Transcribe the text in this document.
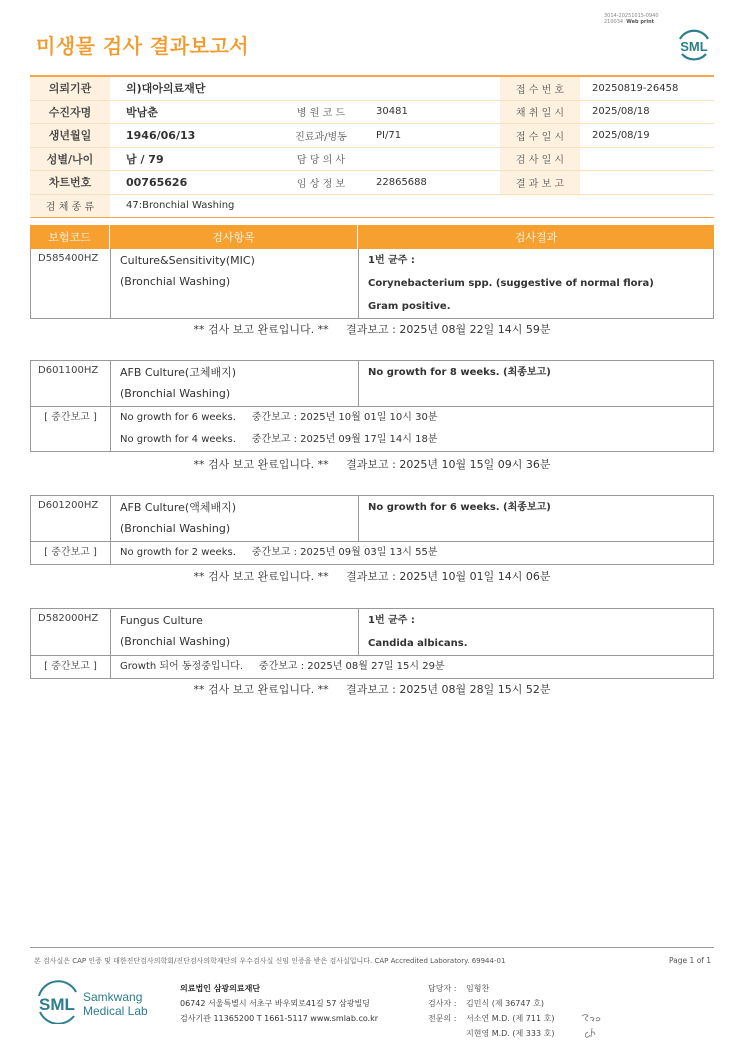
3014-20251015-0940
210034 Web print
미생물 검사 결과보고서	SML
의뢰기관	의)대아의료재단	접 수 번 호	20250819-26458
수진자명	박남춘	병 원 코 드	30481	채 취 일 시	2025/08/18
생년월일	1946/06/13	진료과/병동	PI/71	접 수 일 시	2025/08/19
성별/나이	남 / 79	담 당 의 사	검 사 일 시
차트번호	00765626	임 상 정 보	22865688	결 과 보 고
검 체 종 류	47:Bronchial Washing
보험코드	검사항목	검사결과
D585400HZ	Culture&Sensitivity(MIC)
(Bronchial Washing)
1번 균주 :
Corynebacterium spp. (suggestive of normal flora)
Gram positive.
** 검사 보고 완료입니다. **     결과보고 : 2025년 08월 22일 14시 59분
D601100HZ	AFB Culture(고체배지)
(Bronchial Washing)
No growth for 8 weeks. (최종보고)
[ 중간보고 ]	No growth for 6 weeks.     중간보고 : 2025년 10월 01일 10시 30분
No growth for 4 weeks.     중간보고 : 2025년 09월 17일 14시 18분
** 검사 보고 완료입니다. **     결과보고 : 2025년 10월 15일 09시 36분
D601200HZ	AFB Culture(액체배지)
(Bronchial Washing)
No growth for 6 weeks. (최종보고)
[ 중간보고 ]	No growth for 2 weeks.     중간보고 : 2025년 09월 03일 13시 55분
** 검사 보고 완료입니다. **     결과보고 : 2025년 10월 01일 14시 06분
D582000HZ	Fungus Culture
(Bronchial Washing)
1번 균주 :
Candida albicans.
[ 중간보고 ]	Growth 되어 동정중입니다.     중간보고 : 2025년 08월 27일 15시 29분
** 검사 보고 완료입니다. **     결과보고 : 2025년 08월 28일 15시 52분
본 검사실은 CAP 인증 및 대한진단검사의학회/진단검사의학재단의 우수검사실 신임 인증을 받은 검사실입니다. CAP Accredited Laboratory. 69944-01	Page 1 of 1
SML Samkwang
Medical Lab
의료법인 삼광의료재단
06742 서울특별시 서초구 바우뫼로41길 57 삼광빌딩
검사기관 11365200 T 1661-5117 www.smlab.co.kr
담당자 :	임형찬
검사자 :	김민식 (제 36747 호)
전문의 :	서소연 M.D. (제 711 호)
지현영 M.D. (제 333 호)
